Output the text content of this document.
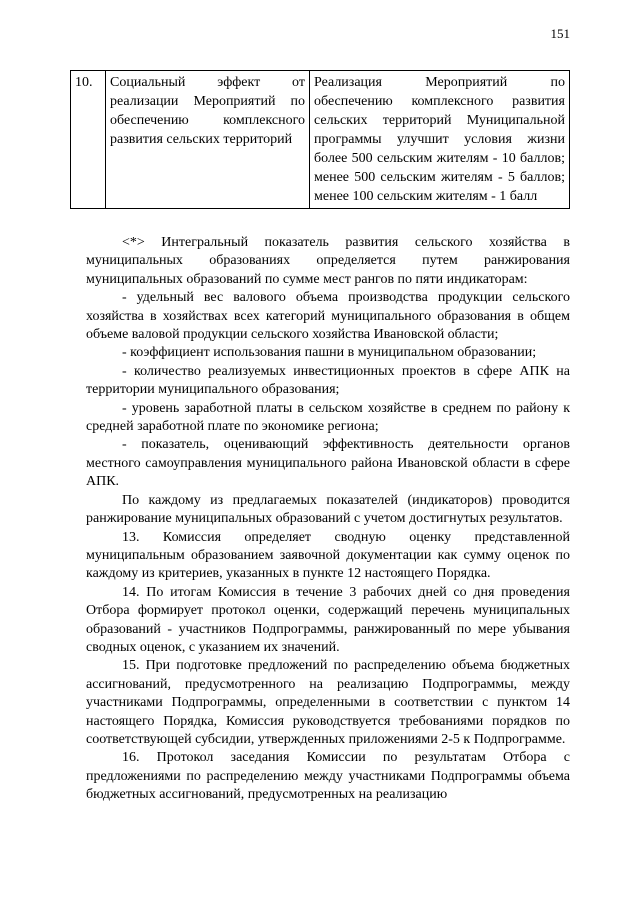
151
10.	Социальный эффект от реализации Мероприятий по обеспечению комплексного развития сельских территорий	Реализация Мероприятий по обеспечению комплексного развития сельских территорий Муниципальной программы улучшит условия жизни более 500 сельским жителям - 10 баллов; менее 500 сельским жителям - 5 баллов; менее 100 сельским жителям - 1 балл

<*> Интегральный показатель развития сельского хозяйства в муниципальных образованиях определяется путем ранжирования муниципальных образований по сумме мест рангов по пяти индикаторам:

- удельный вес валового объема производства продукции сельского хозяйства в хозяйствах всех категорий муниципального образования в общем объеме валовой продукции сельского хозяйства Ивановской области;

- коэффициент использования пашни в муниципальном образовании;

- количество реализуемых инвестиционных проектов в сфере АПК на территории муниципального образования;

- уровень заработной платы в сельском хозяйстве в среднем по району к средней заработной плате по экономике региона;

- показатель, оценивающий эффективность деятельности органов местного самоуправления муниципального района Ивановской области в сфере АПК.

По каждому из предлагаемых показателей (индикаторов) проводится ранжирование муниципальных образований с учетом достигнутых результатов.

13. Комиссия определяет сводную оценку представленной муниципальным образованием заявочной документации как сумму оценок по каждому из критериев, указанных в пункте 12 настоящего Порядка.

14. По итогам Комиссия в течение 3 рабочих дней со дня проведения Отбора формирует протокол оценки, содержащий перечень муниципальных образований - участников Подпрограммы, ранжированный по мере убывания сводных оценок, с указанием их значений.

15. При подготовке предложений по распределению объема бюджетных ассигнований, предусмотренного на реализацию Подпрограммы, между участниками Подпрограммы, определенными в соответствии с пунктом 14 настоящего Порядка, Комиссия руководствуется требованиями порядков по соответствующей субсидии, утвержденных приложениями 2-5 к Подпрограмме.

16. Протокол заседания Комиссии по результатам Отбора с предложениями по распределению между участниками Подпрограммы объема бюджетных ассигнований, предусмотренных на реализацию
